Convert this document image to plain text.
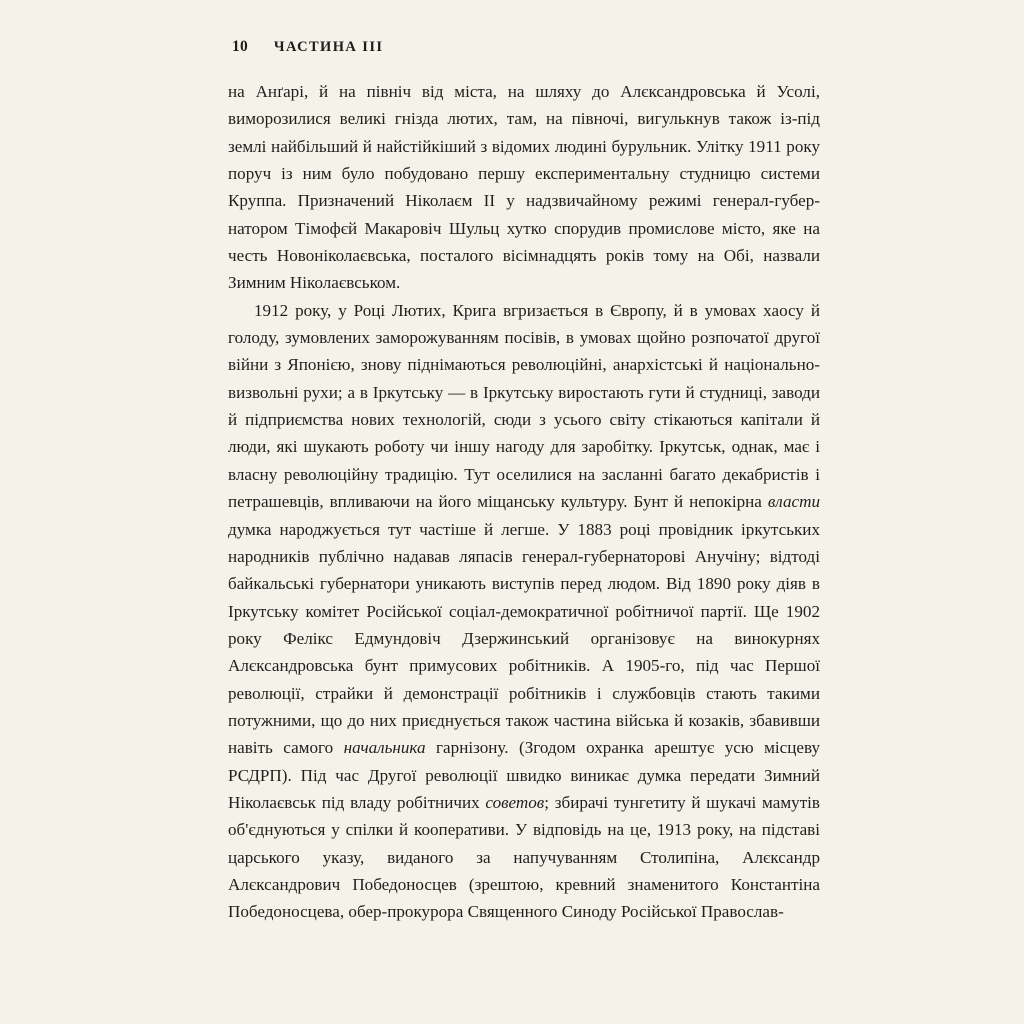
10 ЧАСТИНА III

на Анґарі, й на північ від міста, на шляху до Алєксандровська й Усолі, виморозилися великі гнізда лютих, там, на півночі, вигулькнув також із-під землі найбільший й найстійкіший з відомих людині бурульник. Улітку 1911 року поруч із ним було побудовано першу експериментальну студницю системи Круппа. Призначений Ніколаєм II у надзвичайному режимі генерал-губернатором Тімофєй Макаровіч Шульц хутко спорудив промислове місто, яке на честь Новоніколаєвська, посталого вісімнадцять років тому на Обі, назвали Зимним Ніколаєвськом.

1912 року, у Році Лютих, Крига вгризається в Європу, й в умовах хаосу й голоду, зумовлених заморожуванням посівів, в умовах щойно розпочатої другої війни з Японією, знову піднімаються революційні, анархістські й національно-визвольні рухи; а в Іркутську — в Іркутську виростають гути й студниці, заводи й підприємства нових технологій, сюди з усього світу стікаються капітали й люди, які шукають роботу чи іншу нагоду для заробітку. Іркутськ, однак, має і власну революційну традицію. Тут оселилися на засланні багато декабристів і петрашевців, впливаючи на його міщанську культуру. Бунт й непокірна власти думка народжується тут частіше й легше. У 1883 році провідник іркутських народників публічно надавав ляпасів генерал-губернаторові Анучіну; відтоді байкальські губернатори уникають виступів перед людом. Від 1890 року діяв в Іркутську комітет Російської соціал-демократичної робітничої партії. Ще 1902 року Фелікс Едмундовіч Дзержинський організовує на винокурнях Алєксандровська бунт примусових робітників. А 1905-го, під час Першої революції, страйки й демонстрації робітників і службовців стають такими потужними, що до них приєднується також частина війська й козаків, збавивши навіть самого начальника гарнізону. (Згодом охранка арештує усю місцеву РСДРП). Під час Другої революції швидко виникає думка передати Зимний Ніколаєвськ під владу робітничих советов; збирачі тунгетиту й шукачі мамутів об'єднуються у спілки й кооперативи. У відповідь на це, 1913 року, на підставі царського указу, виданого за напучуванням Столипіна, Алєксандр Алєксандрович Победоносцев (зрештою, кревний знаменитого Константіна Победоносцева, обер-прокурора Священного Синоду Російської Православ-
